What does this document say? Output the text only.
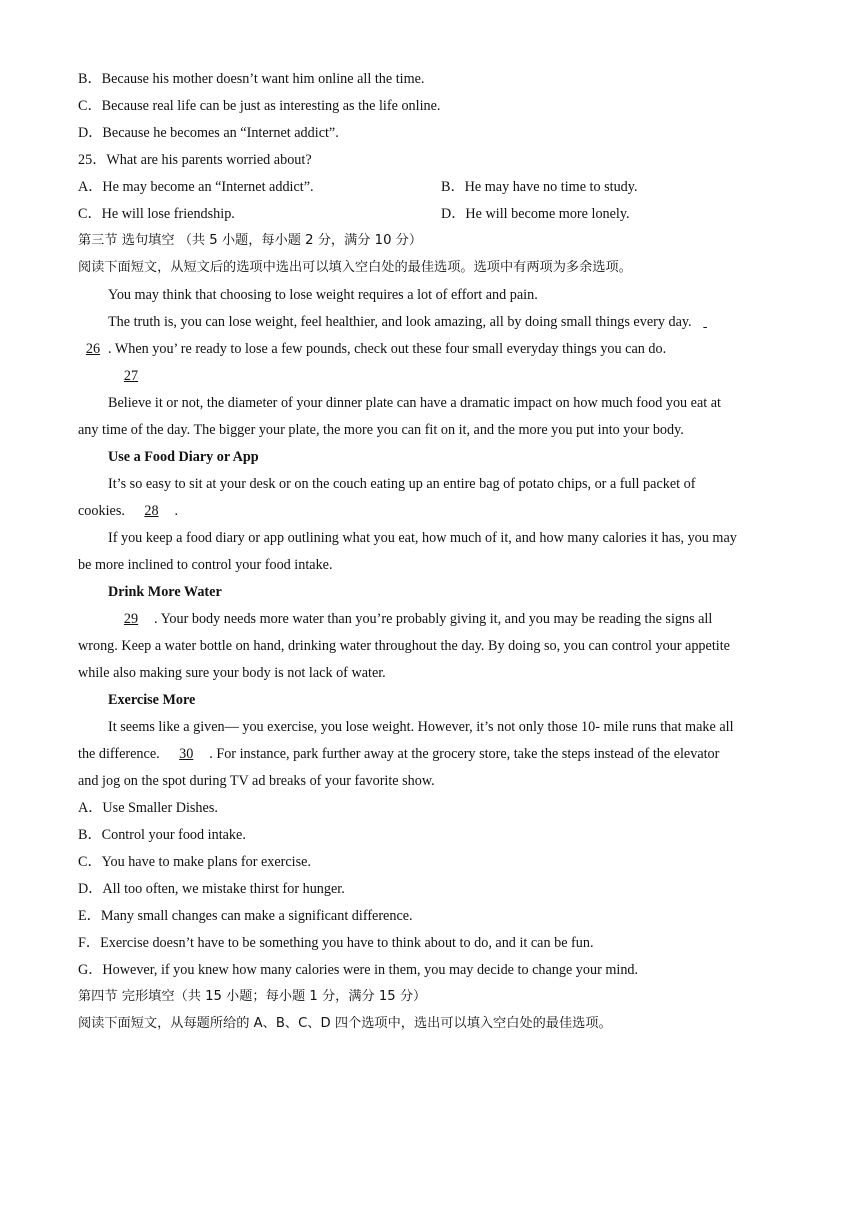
B．Because his mother doesn’t want him online all the time.
C．Because real life can be just as interesting as the life online.
D．Because he becomes an “Internet addict”.
25．What are his parents worried about?
A．He may become an “Internet addict”.	B．He may have no time to study.
C．He will lose friendship.	D．He will become more lonely.
第三节 选句填空 （共 5 小题，每小题 2 分，满分 10 分）
阅读下面短文，从短文后的选项中选出可以填入空白处的最佳选项。选项中有两项为多余选项。
You may think that choosing to lose weight requires a lot of effort and pain.
The truth is, you can lose weight, feel healthier, and look amazing, all by doing small things every day.
26 . When you’ re ready to lose a few pounds, check out these four small everyday things you can do.
27
Believe it or not, the diameter of your dinner plate can have a dramatic impact on how much food you eat at
any time of the day. The bigger your plate, the more you can fit on it, and the more you put into your body.
Use a Food Diary or App
It’s so easy to sit at your desk or on the couch eating up an entire bag of potato chips, or a full packet of
cookies. 28 .
If you keep a food diary or app outlining what you eat, how much of it, and how many calories it has, you may
be more inclined to control your food intake.
Drink More Water
29 . Your body needs more water than you’re probably giving it, and you may be reading the signs all
wrong. Keep a water bottle on hand, drinking water throughout the day. By doing so, you can control your appetite
while also making sure your body is not lack of water.
Exercise More
It seems like a given— you exercise, you lose weight. However, it’s not only those 10- mile runs that make all
the difference. 30 . For instance, park further away at the grocery store, take the steps instead of the elevator
and jog on the spot during TV ad breaks of your favorite show.
A．Use Smaller Dishes.
B．Control your food intake.
C．You have to make plans for exercise.
D．All too often, we mistake thirst for hunger.
E．Many small changes can make a significant difference.
F．Exercise doesn’t have to be something you have to think about to do, and it can be fun.
G．However, if you knew how many calories were in them, you may decide to change your mind.
第四节 完形填空（共 15 小题；每小题 1 分，满分 15 分）
阅读下面短文，从每题所给的 A、B、C、D 四个选项中，选出可以填入空白处的最佳选项。
